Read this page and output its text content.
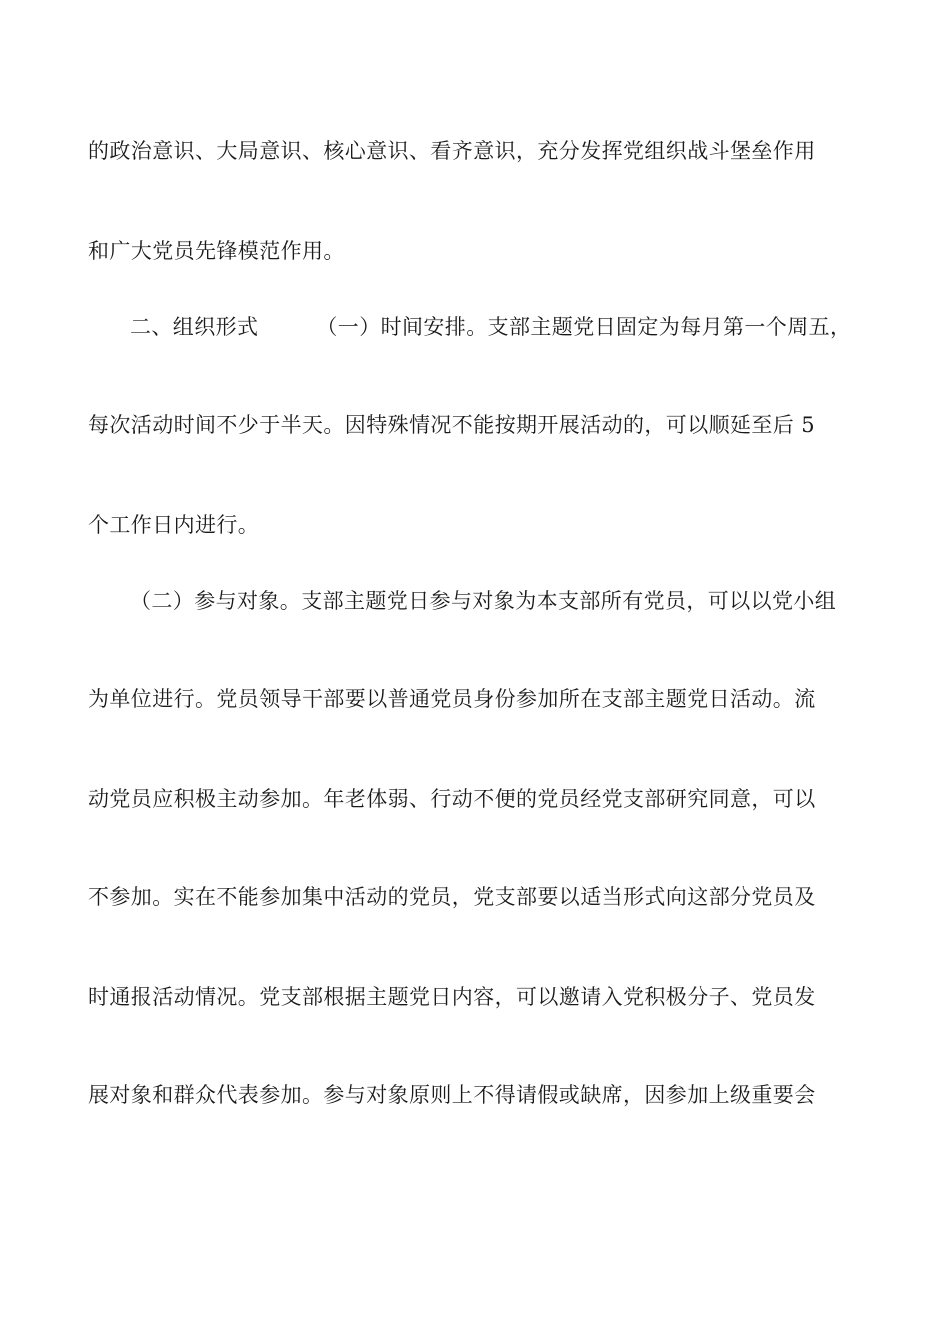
的政治意识、大局意识、核心意识、看齐意识，充分发挥党组织战斗堡垒作用
和广大党员先锋模范作用。
二、组织形式	（一）时间安排。支部主题党日固定为每月第一个周五，
每次活动时间不少于半天。因特殊情况不能按期开展活动的，可以顺延至后 5
个工作日内进行。
（二）参与对象。支部主题党日参与对象为本支部所有党员，可以以党小组
为单位进行。党员领导干部要以普通党员身份参加所在支部主题党日活动。流
动党员应积极主动参加。年老体弱、行动不便的党员经党支部研究同意，可以
不参加。实在不能参加集中活动的党员，党支部要以适当形式向这部分党员及
时通报活动情况。党支部根据主题党日内容，可以邀请入党积极分子、党员发
展对象和群众代表参加。参与对象原则上不得请假或缺席，因参加上级重要会
